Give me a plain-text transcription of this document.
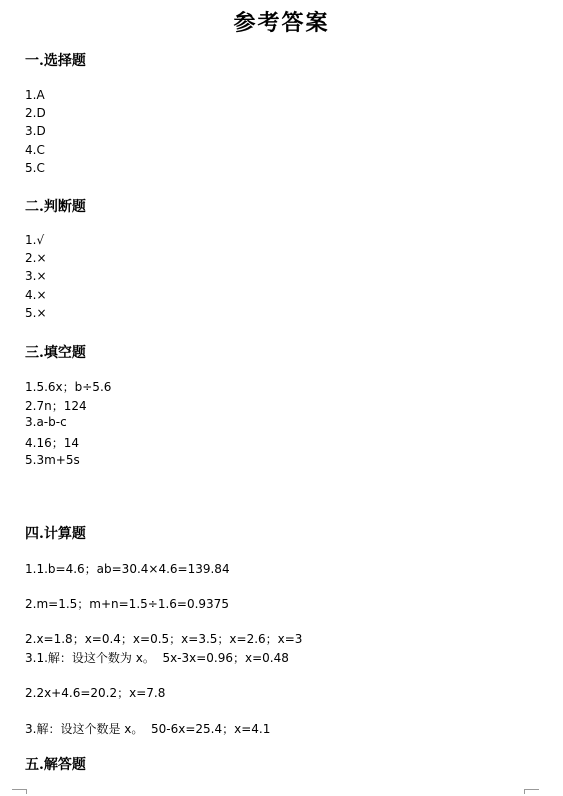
参考答案
一.选择题
1.A
2.D
3.D
4.C
5.C
二.判断题
1.√
2.×
3.×
4.×
5.×
三.填空题
1.5.6x；b÷5.6
2.7n；124
3.a-b-c
4.16；14
5.3m+5s
四.计算题
1.1.b=4.6；ab=30.4×4.6=139.84
2.m=1.5；m+n=1.5÷1.6=0.9375
2.x=1.8；x=0.4；x=0.5；x=3.5；x=2.6；x=3
3.1.解：设这个数为 x。  5x-3x=0.96；x=0.48
2.2x+4.6=20.2；x=7.8
3.解：设这个数是 x。  50-6x=25.4；x=4.1
五.解答题
